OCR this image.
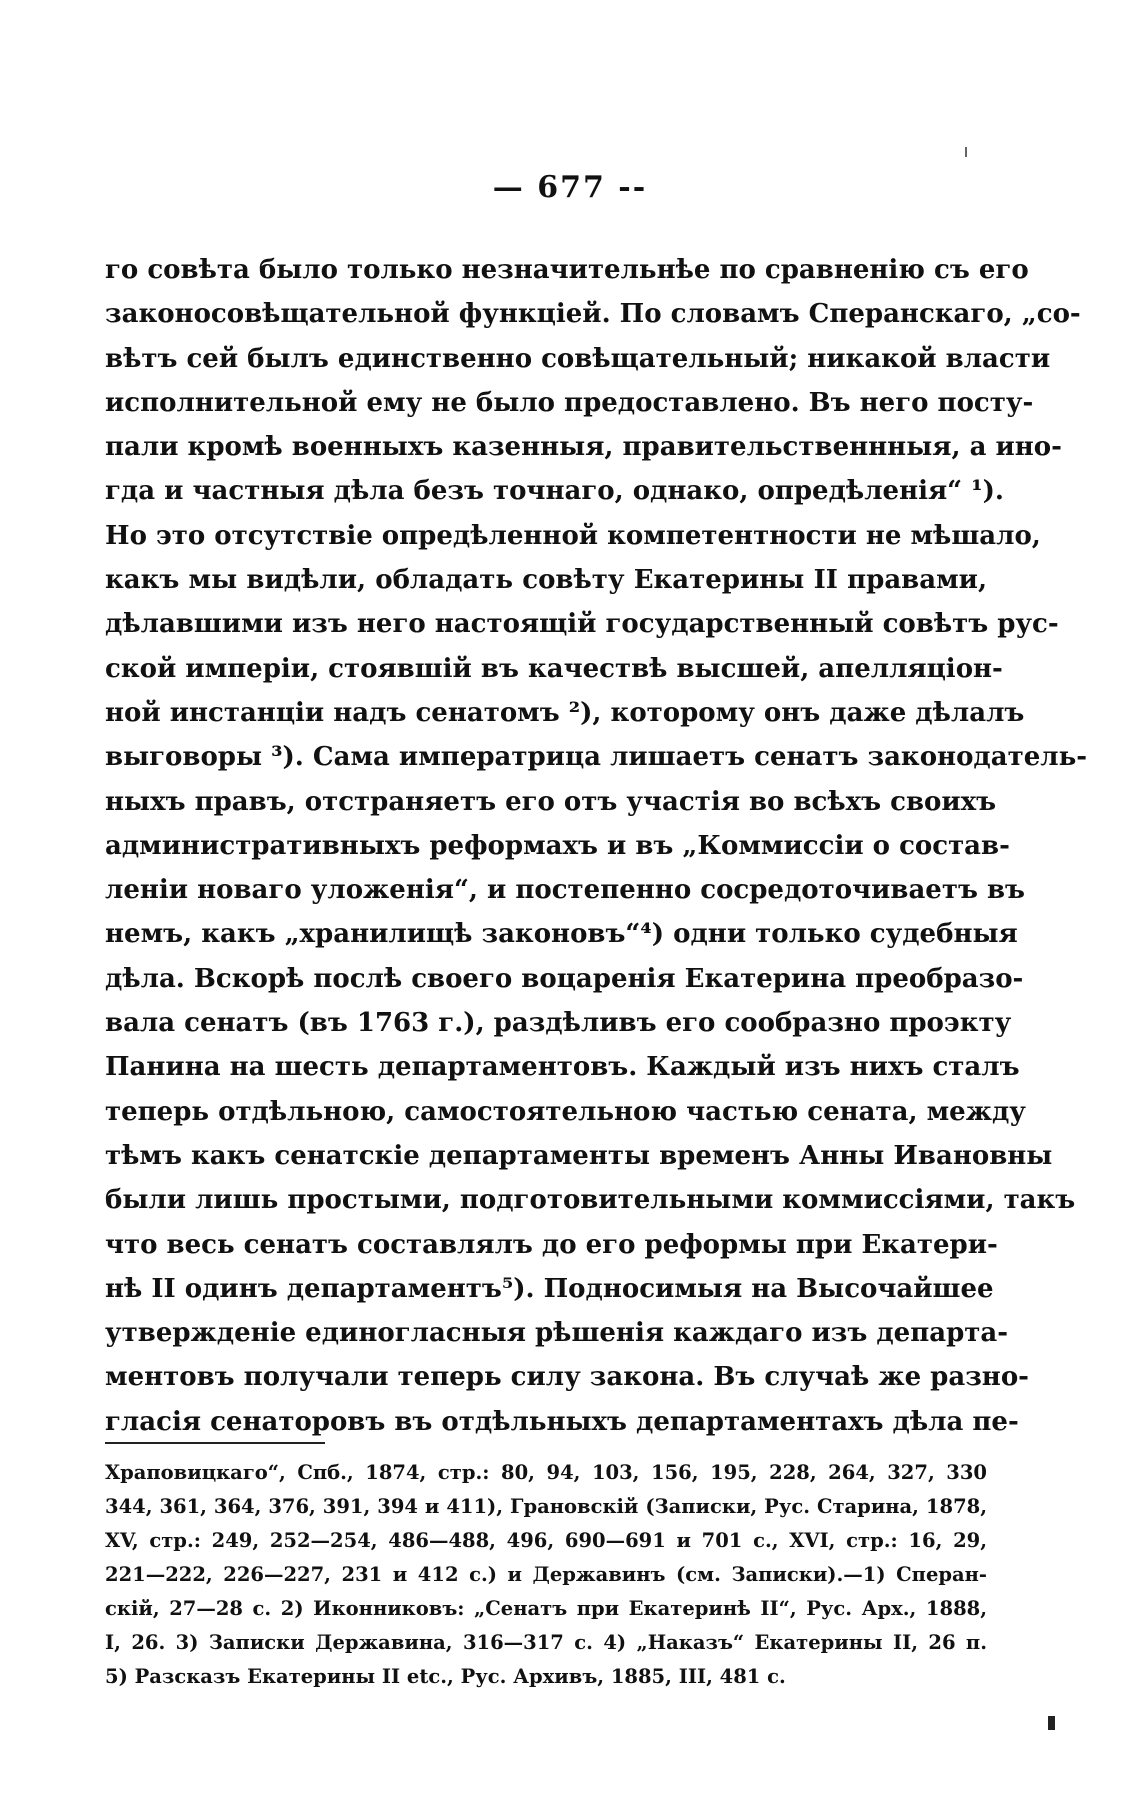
— 677 --
го совѣта было только незначительнѣе по сравненію съ его
законосовѣщательной функціей. По словамъ Сперанскаго, „со-
вѣтъ сей былъ единственно совѣщательный; никакой власти
исполнительной ему не было предоставлено. Въ него посту-
пали кромѣ военныхъ казенныя, правительственнныя, а ино-
гда и частныя дѣла безъ точнаго, однако, опредѣленія“ ¹).
Но это отсутствіе опредѣленной компетентности не мѣшало,
какъ мы видѣли, обладать совѣту Екатерины II правами,
дѣлавшими изъ него настоящій государственный совѣтъ рус-
ской имперіи, стоявшій въ качествѣ высшей, апелляціон-
ной инстанціи надъ сенатомъ ²), которому онъ даже дѣлалъ
выговоры ³). Сама императрица лишаетъ сенатъ законодатель-
ныхъ правъ, отстраняетъ его отъ участія во всѣхъ своихъ
административныхъ реформахъ и въ „Коммиссіи о состав-
леніи новаго уложенія“, и постепенно сосредоточиваетъ въ
немъ, какъ „хранилищѣ законовъ“⁴) одни только судебныя
дѣла. Вскорѣ послѣ своего воцаренія Екатерина преобразо-
вала сенатъ (въ 1763 г.), раздѣливъ его сообразно проэкту
Панина на шесть департаментовъ. Каждый изъ нихъ сталъ
теперь отдѣльною, самостоятельною частью сената, между
тѣмъ какъ сенатскіе департаменты временъ Анны Ивановны
были лишь простыми, подготовительными коммиссіями, такъ
что весь сенатъ составлялъ до его реформы при Екатери-
нѣ II одинъ департаментъ⁵). Подносимыя на Высочайшее
утвержденіе единогласныя рѣшенія каждаго изъ департа-
ментовъ получали теперь силу закона. Въ случаѣ же разно-
гласія сенаторовъ въ отдѣльныхъ департаментахъ дѣла пе-
Храповицкаго“, Спб., 1874, стр.: 80, 94, 103, 156, 195, 228, 264, 327, 330
344, 361, 364, 376, 391, 394 и 411), Грановскій (Записки, Рус. Старина, 1878,
XV, стр.: 249, 252—254, 486—488, 496, 690—691 и 701 с., XVI, стр.: 16, 29,
221—222, 226—227, 231 и 412 с.) и Державинъ (см. Записки).—1) Сперан-
скій, 27—28 с. 2) Иконниковъ: „Сенатъ при Екатеринѣ II“, Рус. Арх., 1888,
I, 26. 3) Записки Державина, 316—317 с. 4) „Наказъ“ Екатерины II, 26 п.
5) Разсказъ Екатерины II etc., Рус. Архивъ, 1885, III, 481 с.
